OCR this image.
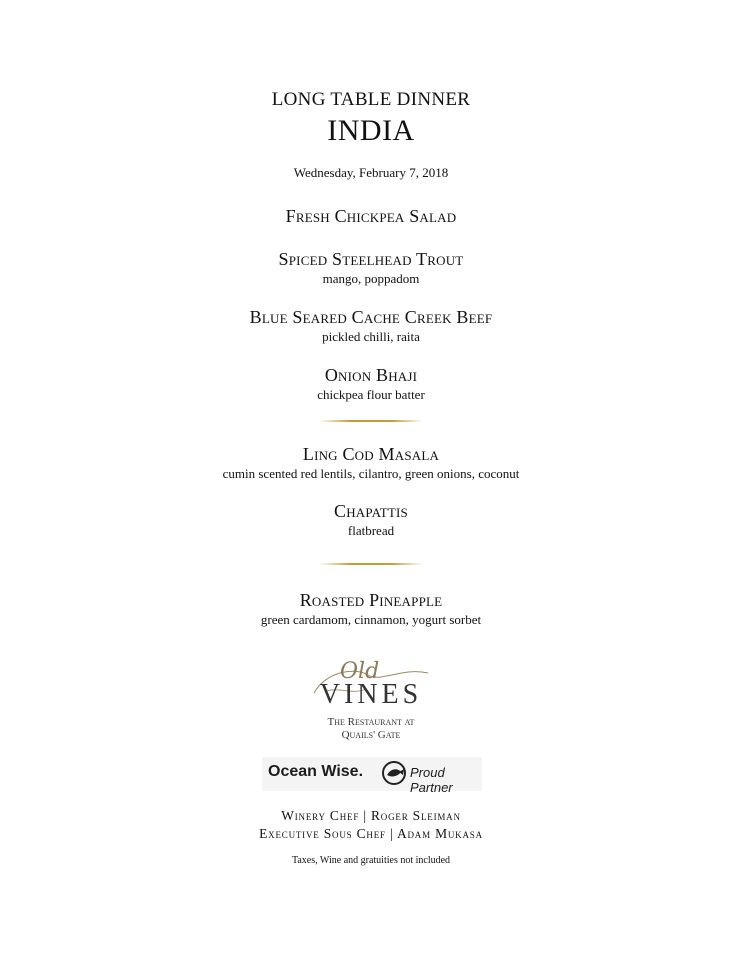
LONG TABLE DINNER
INDIA
Wednesday, February 7, 2018
Fresh Chickpea Salad
Spiced Steelhead Trout
mango, poppadom
Blue Seared Cache Creek Beef
pickled chilli, raita
Onion Bhaji
chickpea flour batter
Ling Cod Masala
cumin scented red lentils, cilantro, green onions, coconut
Chapattis
flatbread
Roasted Pineapple
green cardamom, cinnamon, yogurt sorbet
Old
VINES
The Restaurant at
Quails' Gate
Ocean Wise.	Proud Partner
Winery Chef | Roger Sleiman
Executive Sous Chef | Adam Mukasa
Taxes, Wine and gratuities not included
